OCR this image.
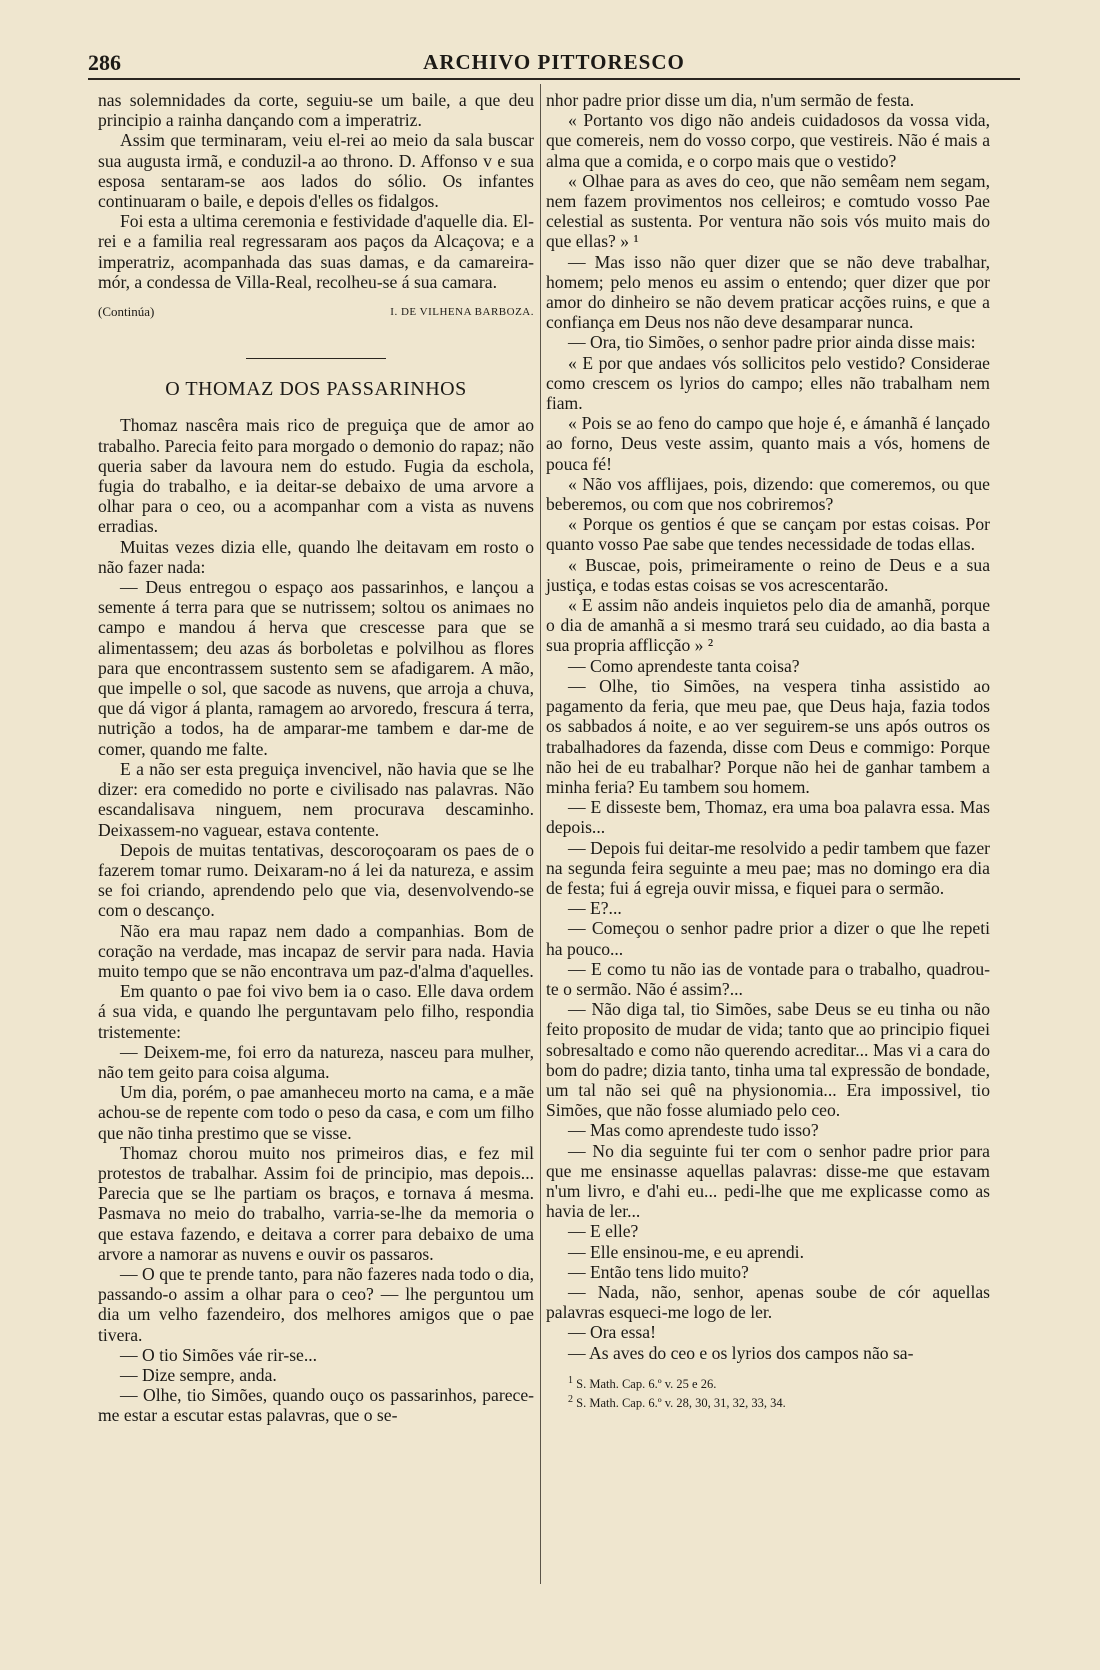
286	ARCHIVO PITTORESCO

nas solemnidades da corte, seguiu-se um baile, a que deu principio a rainha dançando com a imperatriz.

Assim que terminaram, veiu el-rei ao meio da sala buscar sua augusta irmã, e conduzil-a ao throno. D. Affonso v e sua esposa sentaram-se aos lados do sólio. Os infantes continuaram o baile, e depois d'elles os fidalgos.

Foi esta a ultima ceremonia e festividade d'aquelle dia. El-rei e a familia real regressaram aos paços da Alcaçova; e a imperatriz, acompanhada das suas damas, e da camareira-mór, a condessa de Villa-Real, recolheu-se á sua camara.

(Continúa)	I. DE VILHENA BARBOZA.
O THOMAZ DOS PASSARINHOS

Thomaz nascêra mais rico de preguiça que de amor ao trabalho. Parecia feito para morgado o demonio do rapaz; não queria saber da lavoura nem do estudo. Fugia da eschola, fugia do trabalho, e ia deitar-se debaixo de uma arvore a olhar para o ceo, ou a acompanhar com a vista as nuvens erradias.

Muitas vezes dizia elle, quando lhe deitavam em rosto o não fazer nada:

— Deus entregou o espaço aos passarinhos, e lançou a semente á terra para que se nutrissem; soltou os animaes no campo e mandou á herva que crescesse para que se alimentassem; deu azas ás borboletas e polvilhou as flores para que encontrassem sustento sem se afadigarem. A mão, que impelle o sol, que sacode as nuvens, que arroja a chuva, que dá vigor á planta, ramagem ao arvoredo, frescura á terra, nutrição a todos, ha de amparar-me tambem e dar-me de comer, quando me falte.

E a não ser esta preguiça invencivel, não havia que se lhe dizer: era comedido no porte e civilisado nas palavras. Não escandalisava ninguem, nem procurava descaminho. Deixassem-no vaguear, estava contente.

Depois de muitas tentativas, descoroçoaram os paes de o fazerem tomar rumo. Deixaram-no á lei da natureza, e assim se foi criando, aprendendo pelo que via, desenvolvendo-se com o descanço.

Não era mau rapaz nem dado a companhias. Bom de coração na verdade, mas incapaz de servir para nada. Havia muito tempo que se não encontrava um paz-d'alma d'aquelles.

Em quanto o pae foi vivo bem ia o caso. Elle dava ordem á sua vida, e quando lhe perguntavam pelo filho, respondia tristemente:

— Deixem-me, foi erro da natureza, nasceu para mulher, não tem geito para coisa alguma.

Um dia, porém, o pae amanheceu morto na cama, e a mãe achou-se de repente com todo o peso da casa, e com um filho que não tinha prestimo que se visse.

Thomaz chorou muito nos primeiros dias, e fez mil protestos de trabalhar. Assim foi de principio, mas depois... Parecia que se lhe partiam os braços, e tornava á mesma. Pasmava no meio do trabalho, varria-se-lhe da memoria o que estava fazendo, e deitava a correr para debaixo de uma arvore a namorar as nuvens e ouvir os passaros.

— O que te prende tanto, para não fazeres nada todo o dia, passando-o assim a olhar para o ceo? — lhe perguntou um dia um velho fazendeiro, dos melhores amigos que o pae tivera.

— O tio Simões váe rir-se...

— Dize sempre, anda.

— Olhe, tio Simões, quando ouço os passarinhos, parece-me estar a escutar estas palavras, que o se-

nhor padre prior disse um dia, n'um sermão de festa.

« Portanto vos digo não andeis cuidadosos da vossa vida, que comereis, nem do vosso corpo, que vestireis. Não é mais a alma que a comida, e o corpo mais que o vestido?

« Olhae para as aves do ceo, que não semêam nem segam, nem fazem provimentos nos celleiros; e comtudo vosso Pae celestial as sustenta. Por ventura não sois vós muito mais do que ellas? » ¹

— Mas isso não quer dizer que se não deve trabalhar, homem; pelo menos eu assim o entendo; quer dizer que por amor do dinheiro se não devem praticar acções ruins, e que a confiança em Deus nos não deve desamparar nunca.

— Ora, tio Simões, o senhor padre prior ainda disse mais:

« E por que andaes vós sollicitos pelo vestido? Considerae como crescem os lyrios do campo; elles não trabalham nem fiam.

« Pois se ao feno do campo que hoje é, e ámanhã é lançado ao forno, Deus veste assim, quanto mais a vós, homens de pouca fé!

« Não vos afflijaes, pois, dizendo: que comeremos, ou que beberemos, ou com que nos cobriremos?

« Porque os gentios é que se cançam por estas coisas. Por quanto vosso Pae sabe que tendes necessidade de todas ellas.

« Buscae, pois, primeiramente o reino de Deus e a sua justiça, e todas estas coisas se vos acrescentarão.

« E assim não andeis inquietos pelo dia de amanhã, porque o dia de amanhã a si mesmo trará seu cuidado, ao dia basta a sua propria afflicção » ²

— Como aprendeste tanta coisa?

— Olhe, tio Simões, na vespera tinha assistido ao pagamento da feria, que meu pae, que Deus haja, fazia todos os sabbados á noite, e ao ver seguirem-se uns após outros os trabalhadores da fazenda, disse com Deus e commigo: Porque não hei de eu trabalhar? Porque não hei de ganhar tambem a minha feria? Eu tambem sou homem.

— E disseste bem, Thomaz, era uma boa palavra essa. Mas depois...

— Depois fui deitar-me resolvido a pedir tambem que fazer na segunda feira seguinte a meu pae; mas no domingo era dia de festa; fui á egreja ouvir missa, e fiquei para o sermão.

— E?...

— Começou o senhor padre prior a dizer o que lhe repeti ha pouco...

— E como tu não ias de vontade para o trabalho, quadrou-te o sermão. Não é assim?...

— Não diga tal, tio Simões, sabe Deus se eu tinha ou não feito proposito de mudar de vida; tanto que ao principio fiquei sobresaltado e como não querendo acreditar... Mas vi a cara do bom do padre; dizia tanto, tinha uma tal expressão de bondade, um tal não sei quê na physionomia... Era impossivel, tio Simões, que não fosse alumiado pelo ceo.

— Mas como aprendeste tudo isso?

— No dia seguinte fui ter com o senhor padre prior para que me ensinasse aquellas palavras: disse-me que estavam n'um livro, e d'ahi eu... pedi-lhe que me explicasse como as havia de ler...

— E elle?

— Elle ensinou-me, e eu aprendi.

— Então tens lido muito?

— Nada, não, senhor, apenas soube de cór aquellas palavras esqueci-me logo de ler.

— Ora essa!

— As aves do ceo e os lyrios dos campos não sa-

$^1$ S. Math. Cap. 6.º v. 25 e 26.
$^2$ S. Math. Cap. 6.º v. 28, 30, 31, 32, 33, 34.
